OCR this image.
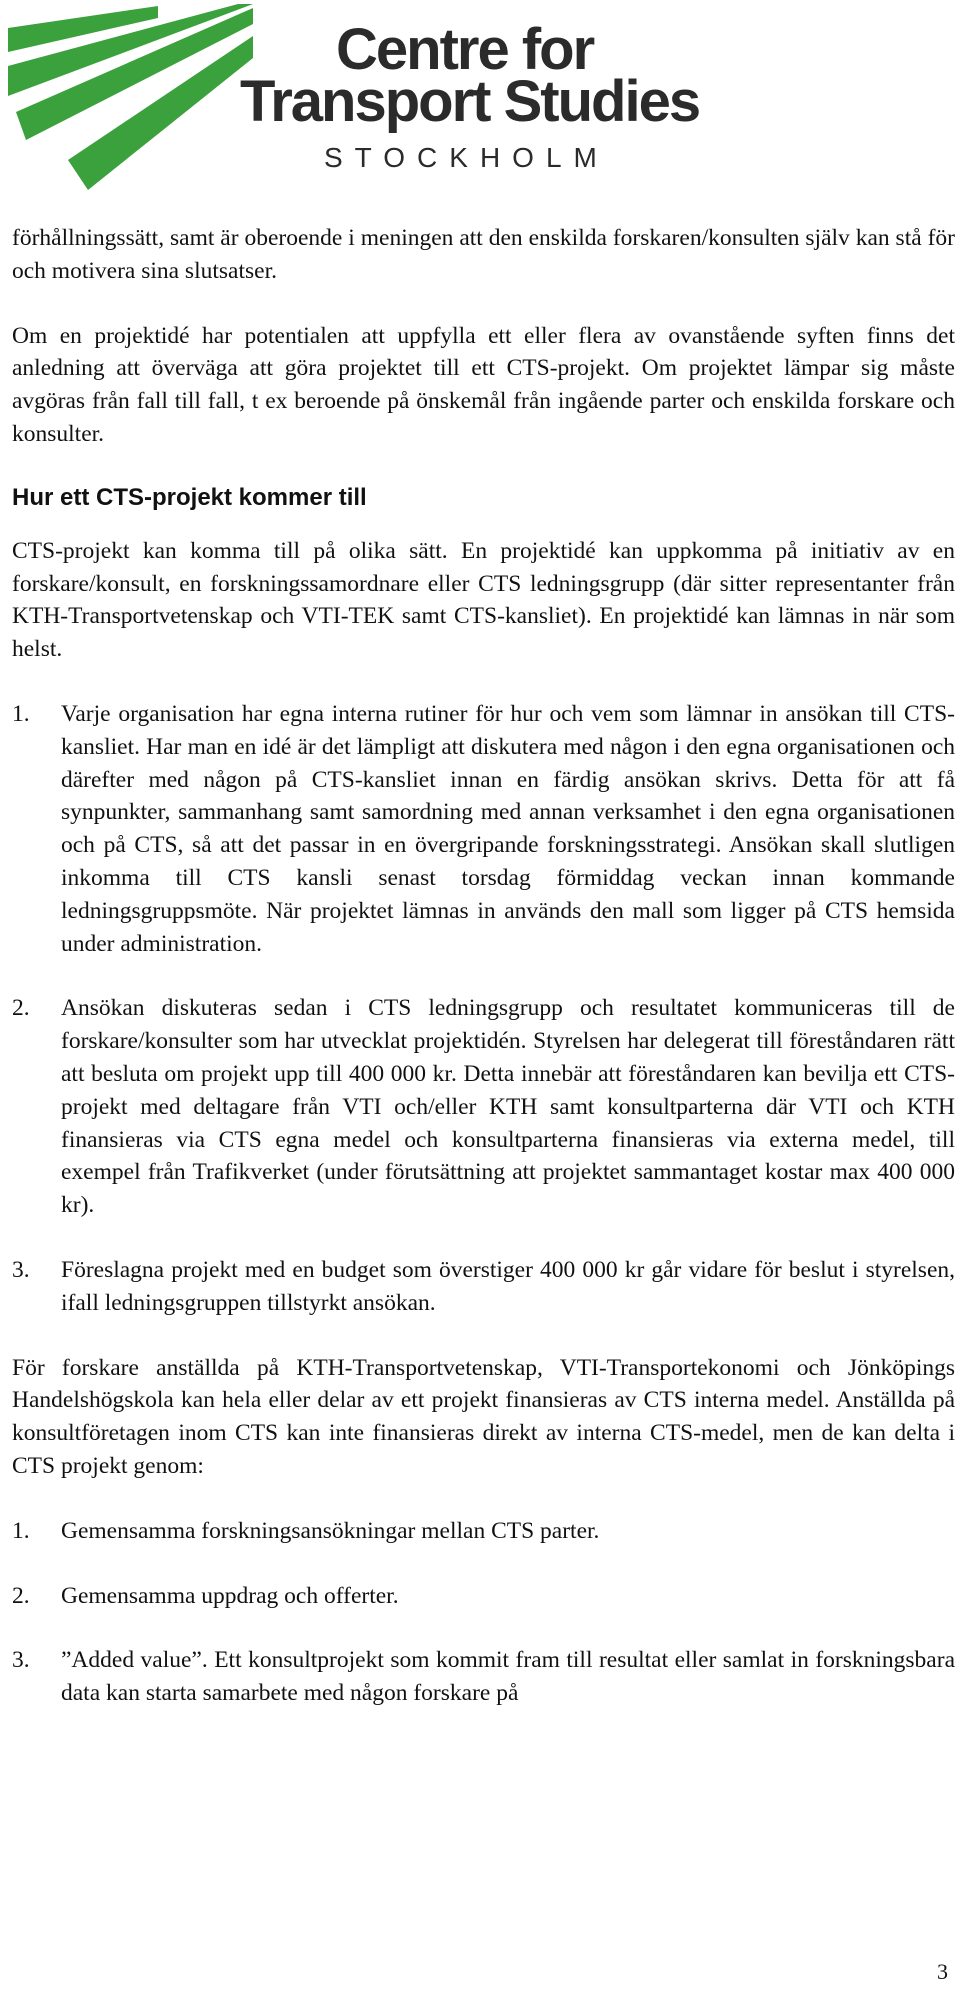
Centre for
Transport Studies
STOCKHOLM

förhållningssätt, samt är oberoende i meningen att den enskilda forskaren/konsulten själv kan stå för och motivera sina slutsatser.

Om en projektidé har potentialen att uppfylla ett eller flera av ovanstående syften finns det anledning att överväga att göra projektet till ett CTS-projekt. Om projektet lämpar sig måste avgöras från fall till fall, t ex beroende på önskemål från ingående parter och enskilda forskare och konsulter.

Hur ett CTS-projekt kommer till

CTS-projekt kan komma till på olika sätt. En projektidé kan uppkomma på initiativ av en forskare/konsult, en forskningssamordnare eller CTS ledningsgrupp (där sitter representanter från KTH-Transportvetenskap och VTI-TEK samt CTS-kansliet). En projektidé kan lämnas in när som helst.

1.	Varje organisation har egna interna rutiner för hur och vem som lämnar in ansökan till CTS-kansliet. Har man en idé är det lämpligt att diskutera med någon i den egna organisationen och därefter med någon på CTS-kansliet innan en färdig ansökan skrivs. Detta för att få synpunkter, sammanhang samt samordning med annan verksamhet i den egna organisationen och på CTS, så att det passar in en övergripande forskningsstrategi. Ansökan skall slutligen inkomma till CTS kansli senast torsdag förmiddag veckan innan kommande ledningsgruppsmöte. När projektet lämnas in används den mall som ligger på CTS hemsida under administration.
2.	Ansökan diskuteras sedan i CTS ledningsgrupp och resultatet kommuniceras till de forskare/konsulter som har utvecklat projektidén. Styrelsen har delegerat till föreståndaren rätt att besluta om projekt upp till 400 000 kr. Detta innebär att föreståndaren kan bevilja ett CTS-projekt med deltagare från VTI och/eller KTH samt konsultparterna där VTI och KTH finansieras via CTS egna medel och konsultparterna finansieras via externa medel, till exempel från Trafikverket (under förutsättning att projektet sammantaget kostar max 400 000 kr).
3.	Föreslagna projekt med en budget som överstiger 400 000 kr går vidare för beslut i styrelsen, ifall ledningsgruppen tillstyrkt ansökan.

För forskare anställda på KTH-Transportvetenskap, VTI-Transportekonomi och Jönköpings Handelshögskola kan hela eller delar av ett projekt finansieras av CTS interna medel. Anställda på konsultföretagen inom CTS kan inte finansieras direkt av interna CTS-medel, men de kan delta i CTS projekt genom:

1.	Gemensamma forskningsansökningar mellan CTS parter.
2.	Gemensamma uppdrag och offerter.
3.	”Added value”. Ett konsultprojekt som kommit fram till resultat eller samlat in forskningsbara data kan starta samarbete med någon forskare på
3
